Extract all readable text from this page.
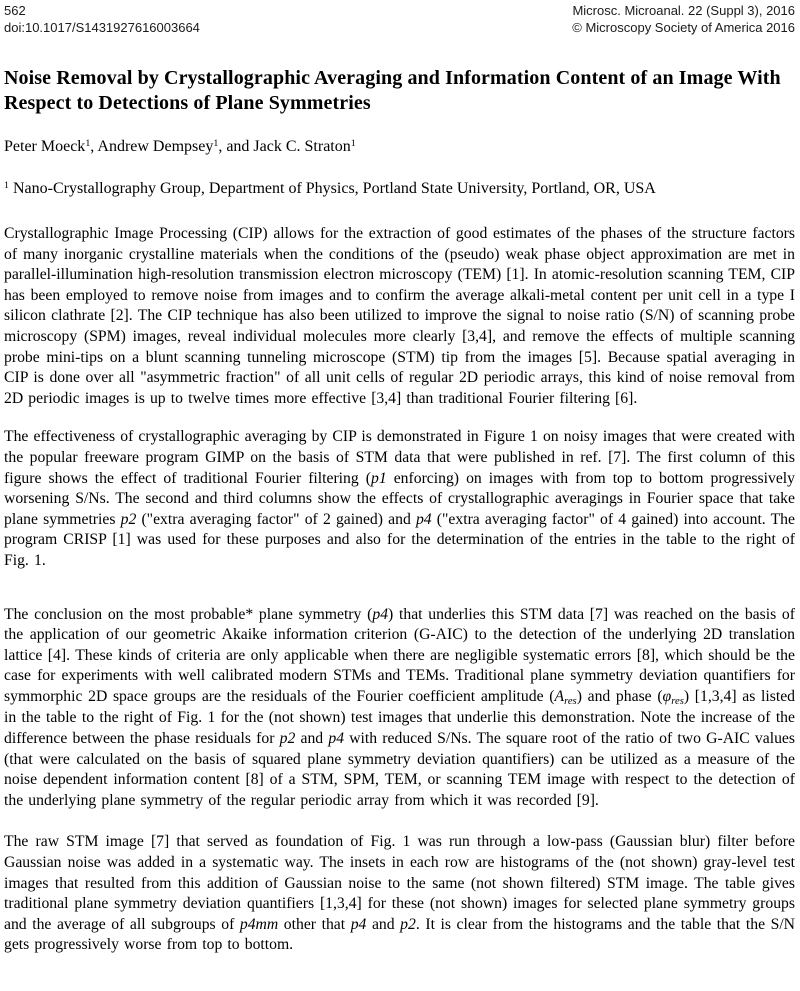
562
doi:10.1017/S1431927616003664
Microsc. Microanal. 22 (Suppl 3), 2016
© Microscopy Society of America 2016
Noise Removal by Crystallographic Averaging and Information Content of an Image With Respect to Detections of Plane Symmetries
Peter Moeck$^1$, Andrew Dempsey$^1$, and Jack C. Straton$^1$
$^1$ Nano-Crystallography Group, Department of Physics, Portland State University, Portland, OR, USA
Crystallographic Image Processing (CIP) allows for the extraction of good estimates of the phases of the structure factors of many inorganic crystalline materials when the conditions of the (pseudo) weak phase object approximation are met in parallel-illumination high-resolution transmission electron microscopy (TEM) [1]. In atomic-resolution scanning TEM, CIP has been employed to remove noise from images and to confirm the average alkali-metal content per unit cell in a type I silicon clathrate [2]. The CIP technique has also been utilized to improve the signal to noise ratio (S/N) of scanning probe microscopy (SPM) images, reveal individual molecules more clearly [3,4], and remove the effects of multiple scanning probe mini-tips on a blunt scanning tunneling microscope (STM) tip from the images [5]. Because spatial averaging in CIP is done over all "asymmetric fraction" of all unit cells of regular 2D periodic arrays, this kind of noise removal from 2D periodic images is up to twelve times more effective [3,4] than traditional Fourier filtering [6].
The effectiveness of crystallographic averaging by CIP is demonstrated in Figure 1 on noisy images that were created with the popular freeware program GIMP on the basis of STM data that were published in ref. [7]. The first column of this figure shows the effect of traditional Fourier filtering (p1 enforcing) on images with from top to bottom progressively worsening S/Ns. The second and third columns show the effects of crystallographic averagings in Fourier space that take plane symmetries p2 ("extra averaging factor" of 2 gained) and p4 ("extra averaging factor" of 4 gained) into account. The program CRISP [1] was used for these purposes and also for the determination of the entries in the table to the right of Fig. 1.
The conclusion on the most probable* plane symmetry (p4) that underlies this STM data [7] was reached on the basis of the application of our geometric Akaike information criterion (G-AIC) to the detection of the underlying 2D translation lattice [4]. These kinds of criteria are only applicable when there are negligible systematic errors [8], which should be the case for experiments with well calibrated modern STMs and TEMs. Traditional plane symmetry deviation quantifiers for symmorphic 2D space groups are the residuals of the Fourier coefficient amplitude (Ares) and phase (φres) [1,3,4] as listed in the table to the right of Fig. 1 for the (not shown) test images that underlie this demonstration. Note the increase of the difference between the phase residuals for p2 and p4 with reduced S/Ns. The square root of the ratio of two G-AIC values (that were calculated on the basis of squared plane symmetry deviation quantifiers) can be utilized as a measure of the noise dependent information content [8] of a STM, SPM, TEM, or scanning TEM image with respect to the detection of the underlying plane symmetry of the regular periodic array from which it was recorded [9].
The raw STM image [7] that served as foundation of Fig. 1 was run through a low-pass (Gaussian blur) filter before Gaussian noise was added in a systematic way. The insets in each row are histograms of the (not shown) gray-level test images that resulted from this addition of Gaussian noise to the same (not shown filtered) STM image. The table gives traditional plane symmetry deviation quantifiers [1,3,4] for these (not shown) images for selected plane symmetry groups and the average of all subgroups of p4mm other that p4 and p2. It is clear from the histograms and the table that the S/N gets progressively worse from top to bottom.
